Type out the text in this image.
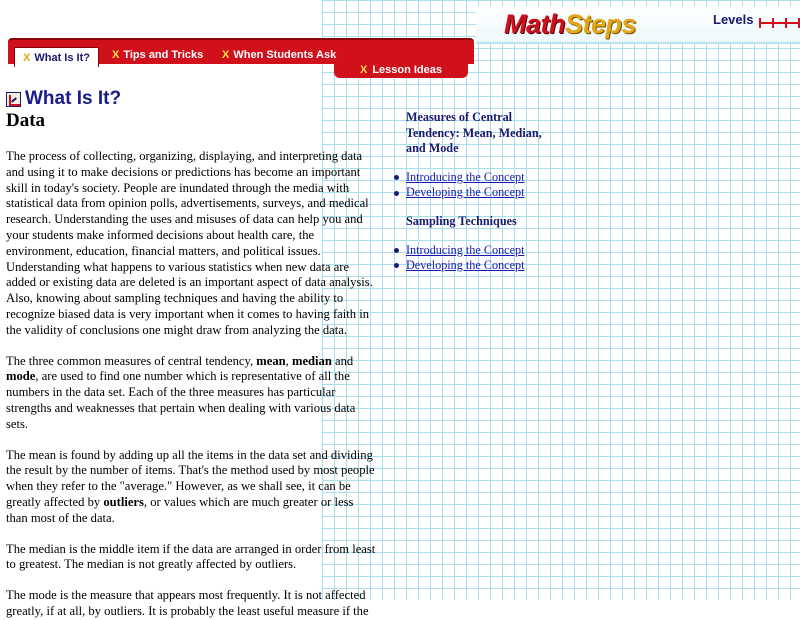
MathSteps	Levels
X What Is It? X Tips and Tricks X When Students Ask
X Lesson Ideas
What Is It?
Data

The process of collecting, organizing, displaying, and interpreting data and using it to make decisions or predictions has become an important skill in today's society. People are inundated through the media with statistical data from opinion polls, advertisements, surveys, and medical research. Understanding the uses and misuses of data can help you and your students make informed decisions about health care, the environment, education, financial matters, and political issues. Understanding what happens to various statistics when new data are added or existing data are deleted is an important aspect of data analysis. Also, knowing about sampling techniques and having the ability to recognize biased data is very important when it comes to having faith in the validity of conclusions one might draw from analyzing the data.

The three common measures of central tendency, mean, median and mode, are used to find one number which is representative of all the numbers in the data set. Each of the three measures has particular strengths and weaknesses that pertain when dealing with various data sets.

The mean is found by adding up all the items in the data set and dividing the result by the number of items. That's the method used by most people when they refer to the "average." However, as we shall see, it can be greatly affected by outliers, or values which are much greater or less than most of the data.

The median is the middle item if the data are arranged in order from least to greatest. The median is not greatly affected by outliers.

The mode is the measure that appears most frequently. It is not affected greatly, if at all, by outliers. It is probably the least useful measure if the

Measures of Central Tendency: Mean, Median, and Mode
Introducing the Concept
Developing the Concept
Sampling Techniques
Introducing the Concept
Developing the Concept
